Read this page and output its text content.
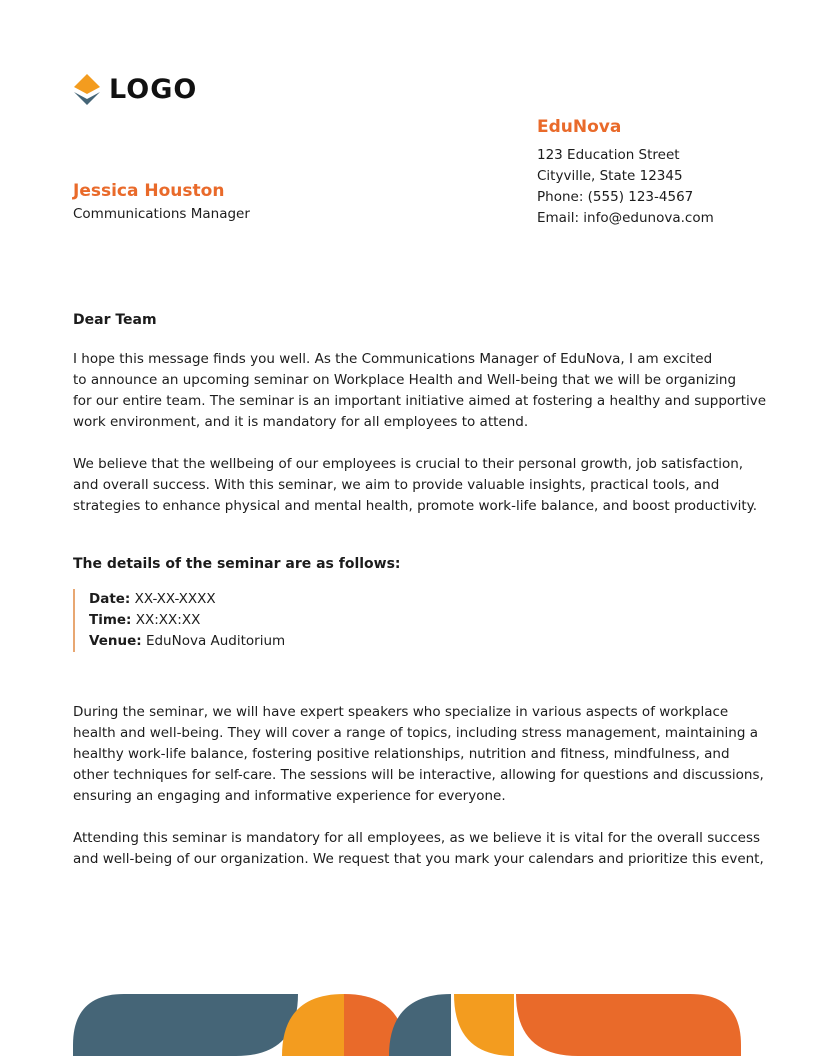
LOGO
EduNova
123 Education Street
Cityville, State 12345
Phone: (555) 123-4567
Email: info@edunova.com
Jessica Houston
Communications Manager
Dear Team

I hope this message finds you well. As the Communications Manager of EduNova, I am excited
to announce an upcoming seminar on Workplace Health and Well-being that we will be organizing
for our entire team. The seminar is an important initiative aimed at fostering a healthy and supportive
work environment, and it is mandatory for all employees to attend.

We believe that the wellbeing of our employees is crucial to their personal growth, job satisfaction,
and overall success. With this seminar, we aim to provide valuable insights, practical tools, and
strategies to enhance physical and mental health, promote work-life balance, and boost productivity.

The details of the seminar are as follows:
Date: XX-XX-XXXX
Time: XX:XX:XX
Venue: EduNova Auditorium

During the seminar, we will have expert speakers who specialize in various aspects of workplace
health and well-being. They will cover a range of topics, including stress management, maintaining a
healthy work-life balance, fostering positive relationships, nutrition and fitness, mindfulness, and
other techniques for self-care. The sessions will be interactive, allowing for questions and discussions,
ensuring an engaging and informative experience for everyone.

Attending this seminar is mandatory for all employees, as we believe it is vital for the overall success
and well-being of our organization. We request that you mark your calendars and prioritize this event,
